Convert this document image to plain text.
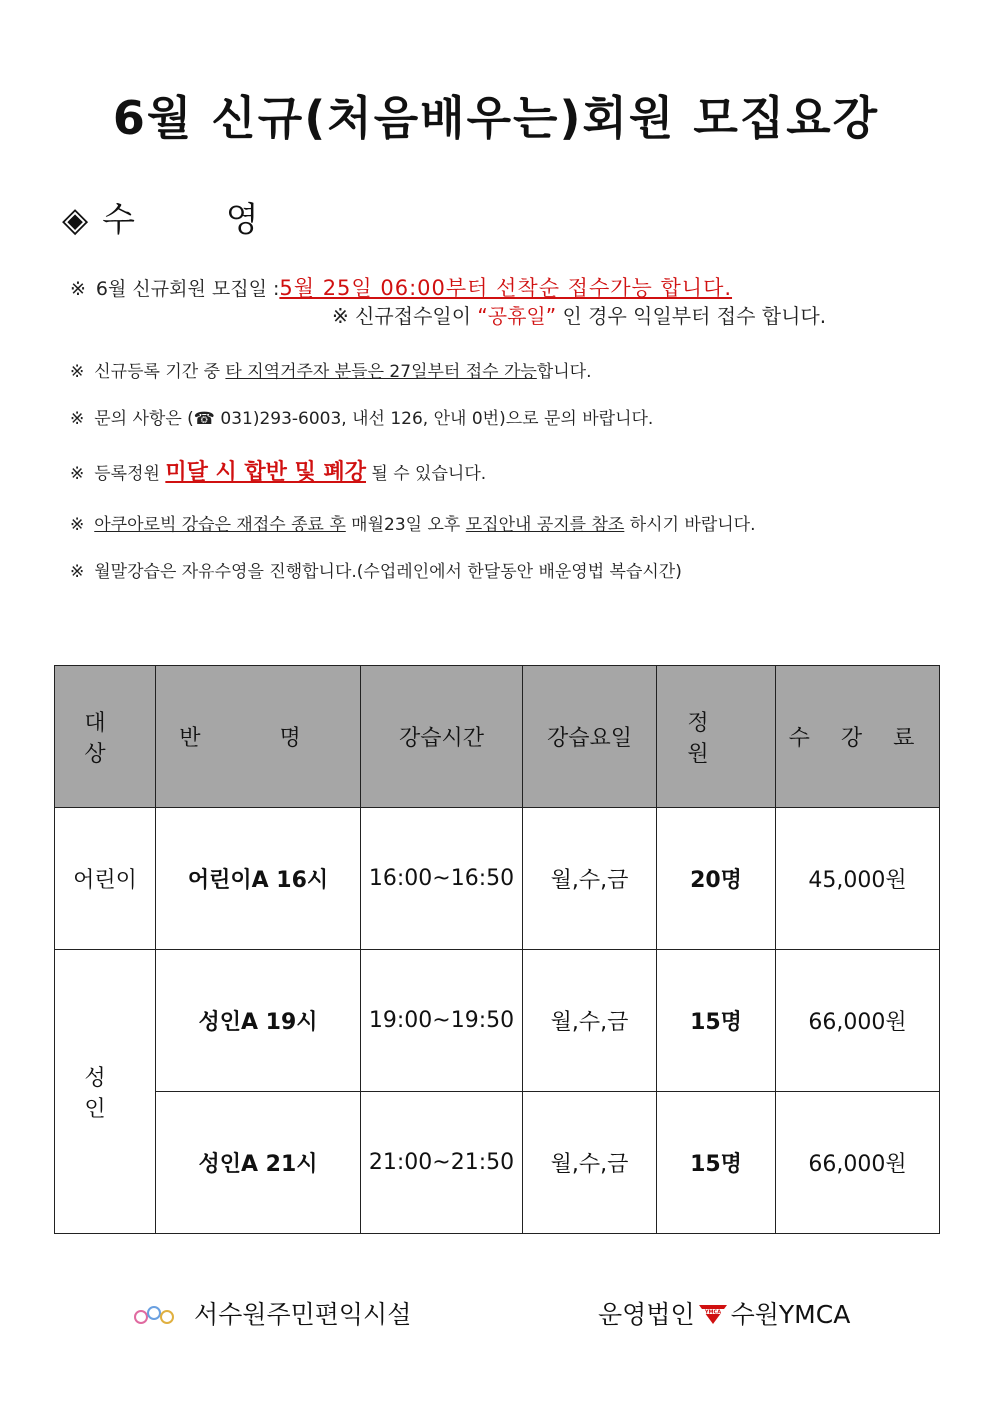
6월 신규(처음배우는)회원 모집요강
◈ 수 영
※ 6월 신규회원 모집일 :5월 25일 06:00부터 선착순 접수가능 합니다.
※ 신규접수일이 “공휴일” 인 경우 익일부터 접수 합니다.
※ 신규등록 기간 중 타 지역거주자 분들은 27일부터 접수 가능합니다.
※ 문의 사항은 (☎ 031)293-6003, 내선 126, 안내 0번)으로 문의 바랍니다.
※ 등록정원 미달 시 합반 및 폐강 될 수 있습니다.
※ 아쿠아로빅 강습은 재접수 종료 후 매월23일 오후 모집안내 공지를 참조 하시기 바랍니다.
※ 월말강습은 자유수영을 진행합니다.(수업레인에서 한달동안 배운영법 복습시간)
대 상	반 명	강습시간	강습요일	정 원	수 강 료
어린이	어린이A 16시	16:00~16:50	월,수,금	20명	45,000원
성 인	성인A 19시	19:00~19:50	월,수,금	15명	66,000원
	성인A 21시	21:00~21:50	월,수,금	15명	66,000원
서수원주민편익시설	운영법인 YMCA 수원YMCA
